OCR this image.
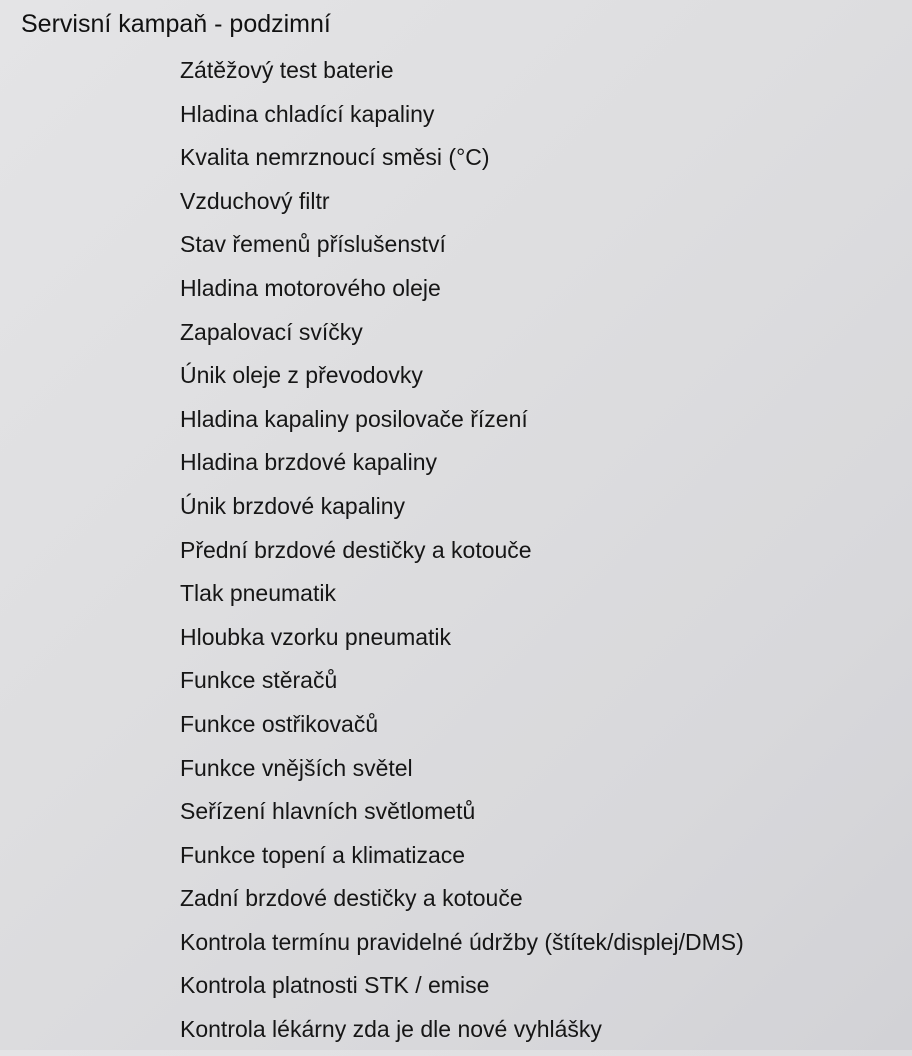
Servisní kampaň - podzimní
Zátěžový test baterie
Hladina chladící kapaliny
Kvalita nemrznoucí směsi (°C)
Vzduchový filtr
Stav řemenů příslušenství
Hladina motorového oleje
Zapalovací svíčky
Únik oleje z převodovky
Hladina kapaliny posilovače řízení
Hladina brzdové kapaliny
Únik brzdové kapaliny
Přední brzdové destičky a kotouče
Tlak pneumatik
Hloubka vzorku pneumatik
Funkce stěračů
Funkce ostřikovačů
Funkce vnějších světel
Seřízení hlavních světlometů
Funkce topení a klimatizace
Zadní brzdové destičky a kotouče
Kontrola termínu pravidelné údržby (štítek/displej/DMS)
Kontrola platnosti STK / emise
Kontrola lékárny zda je dle nové vyhlášky
